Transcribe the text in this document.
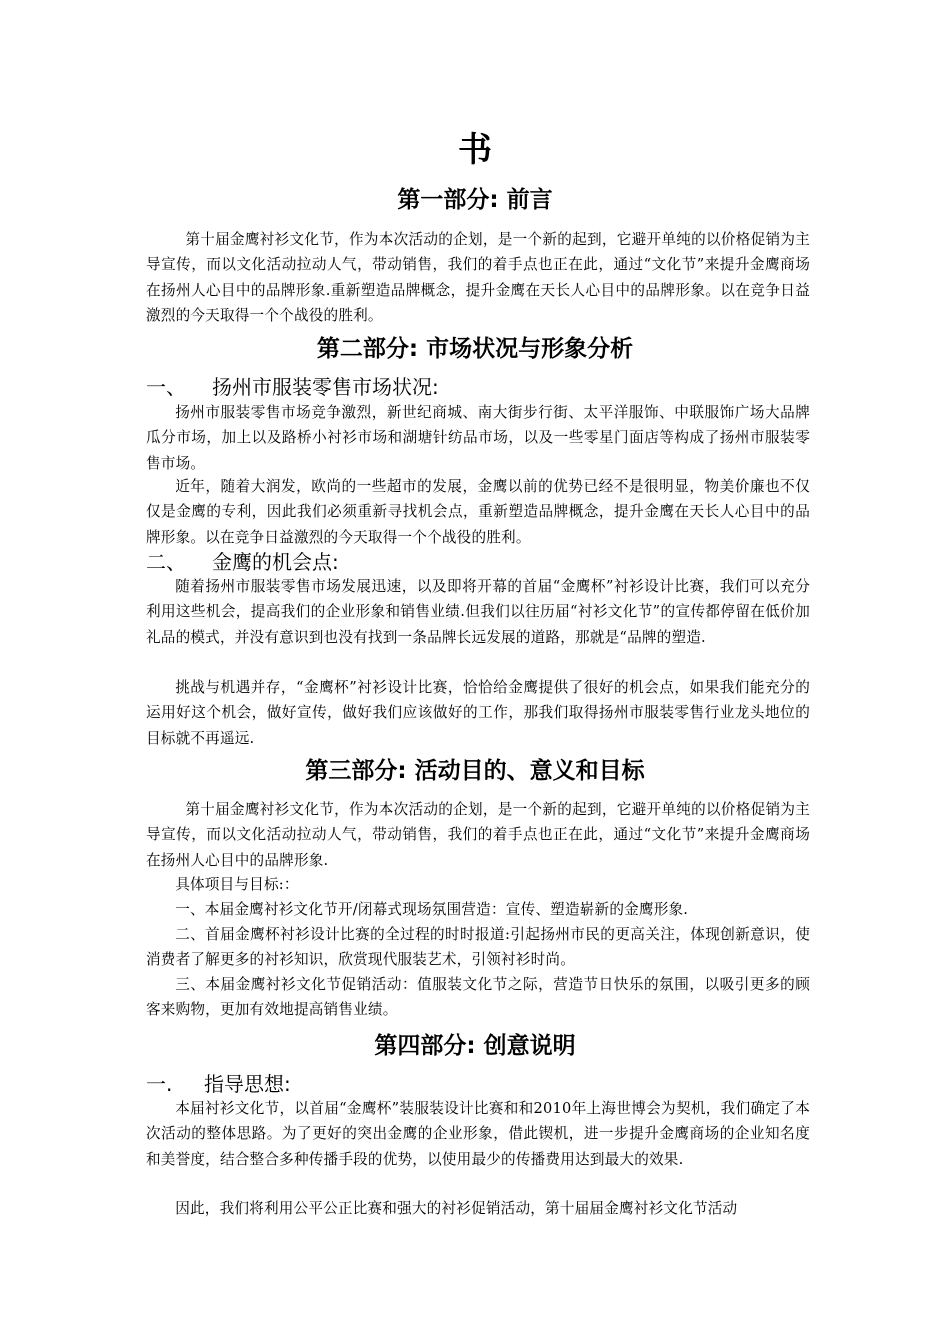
书
第一部分: 前言
第十届金鹰衬衫文化节，作为本次活动的企划，是一个新的起到，它避开单纯的以价格促销为主导宣传，而以文化活动拉动人气，带动销售，我们的着手点也正在此，通过“文化节”来提升金鹰商场在扬州人心目中的品牌形象.重新塑造品牌概念，提升金鹰在天长人心目中的品牌形象。以在竞争日益激烈的今天取得一个个战役的胜利。
第二部分: 市场状况与形象分析
一、 扬州市服装零售市场状况:
扬州市服装零售市场竞争激烈，新世纪商城、南大街步行街、太平洋服饰、中联服饰广场大品牌瓜分市场，加上以及路桥小衬衫市场和湖塘针纺品市场，以及一些零星门面店等构成了扬州市服装零售市场。
近年，随着大润发，欧尚的一些超市的发展，金鹰以前的优势已经不是很明显，物美价廉也不仅仅是金鹰的专利，因此我们必须重新寻找机会点，重新塑造品牌概念，提升金鹰在天长人心目中的品牌形象。以在竞争日益激烈的今天取得一个个战役的胜利。
二、 金鹰的机会点:
随着扬州市服装零售市场发展迅速，以及即将开幕的首届“金鹰杯”衬衫设计比赛，我们可以充分利用这些机会，提高我们的企业形象和销售业绩.但我们以往历届“衬衫文化节”的宣传都停留在低价加礼品的模式，并没有意识到也没有找到一条品牌长远发展的道路，那就是“品牌的塑造.
挑战与机遇并存，“金鹰杯”衬衫设计比赛，恰恰给金鹰提供了很好的机会点，如果我们能充分的运用好这个机会，做好宣传，做好我们应该做好的工作，那我们取得扬州市服装零售行业龙头地位的目标就不再遥远.
第三部分: 活动目的、意义和目标
第十届金鹰衬衫文化节，作为本次活动的企划，是一个新的起到，它避开单纯的以价格促销为主导宣传，而以文化活动拉动人气，带动销售，我们的着手点也正在此，通过“文化节”来提升金鹰商场在扬州人心目中的品牌形象.
具体项目与目标:：
一、本届金鹰衬衫文化节开/闭幕式现场氛围营造：宣传、塑造崭新的金鹰形象.
二、首届金鹰杯衬衫设计比赛的全过程的时时报道:引起扬州市民的更高关注，体现创新意识，使消费者了解更多的衬衫知识，欣赏现代服装艺术，引领衬衫时尚。
三、本届金鹰衬衫文化节促销活动：值服装文化节之际，营造节日快乐的氛围，以吸引更多的顾客来购物，更加有效地提高销售业绩。
第四部分: 创意说明
一. 指导思想:
本届衬衫文化节，以首届“金鹰杯”装服装设计比赛和和2010年上海世博会为契机，我们确定了本次活动的整体思路。为了更好的突出金鹰的企业形象，借此锲机，进一步提升金鹰商场的企业知名度和美誉度，结合整合多种传播手段的优势，以使用最少的传播费用达到最大的效果.
因此，我们将利用公平公正比赛和强大的衬衫促销活动，第十届届金鹰衬衫文化节活动
